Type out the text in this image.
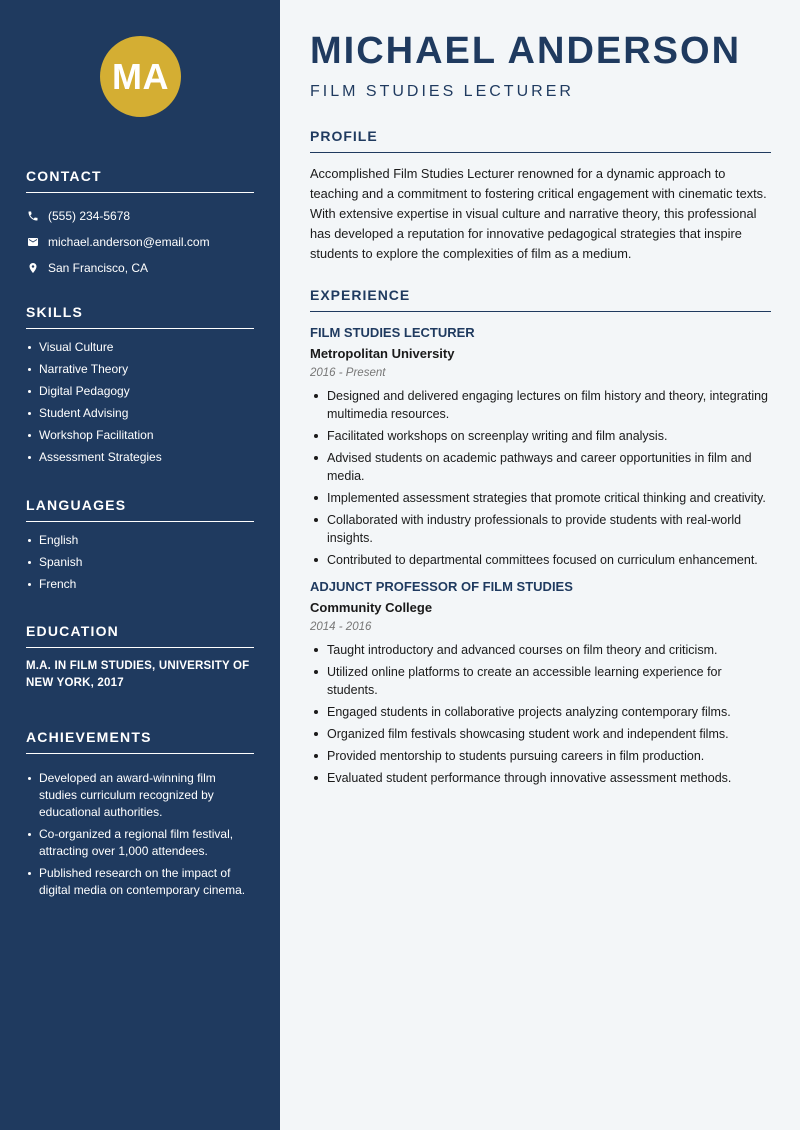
MA
CONTACT
(555) 234-5678
michael.anderson@email.com
San Francisco, CA
SKILLS
Visual Culture
Narrative Theory
Digital Pedagogy
Student Advising
Workshop Facilitation
Assessment Strategies
LANGUAGES
English
Spanish
French
EDUCATION
M.A. IN FILM STUDIES, UNIVERSITY OF NEW YORK, 2017
ACHIEVEMENTS
Developed an award-winning film studies curriculum recognized by educational authorities.
Co-organized a regional film festival, attracting over 1,000 attendees.
Published research on the impact of digital media on contemporary cinema.
MICHAEL ANDERSON
FILM STUDIES LECTURER
PROFILE

Accomplished Film Studies Lecturer renowned for a dynamic approach to teaching and a commitment to fostering critical engagement with cinematic texts. With extensive expertise in visual culture and narrative theory, this professional has developed a reputation for innovative pedagogical strategies that inspire students to explore the complexities of film as a medium.

EXPERIENCE
FILM STUDIES LECTURER
Metropolitan University
2016 - Present
Designed and delivered engaging lectures on film history and theory, integrating multimedia resources.
Facilitated workshops on screenplay writing and film analysis.
Advised students on academic pathways and career opportunities in film and media.
Implemented assessment strategies that promote critical thinking and creativity.
Collaborated with industry professionals to provide students with real-world insights.
Contributed to departmental committees focused on curriculum enhancement.
ADJUNCT PROFESSOR OF FILM STUDIES
Community College
2014 - 2016
Taught introductory and advanced courses on film theory and criticism.
Utilized online platforms to create an accessible learning experience for students.
Engaged students in collaborative projects analyzing contemporary films.
Organized film festivals showcasing student work and independent films.
Provided mentorship to students pursuing careers in film production.
Evaluated student performance through innovative assessment methods.
